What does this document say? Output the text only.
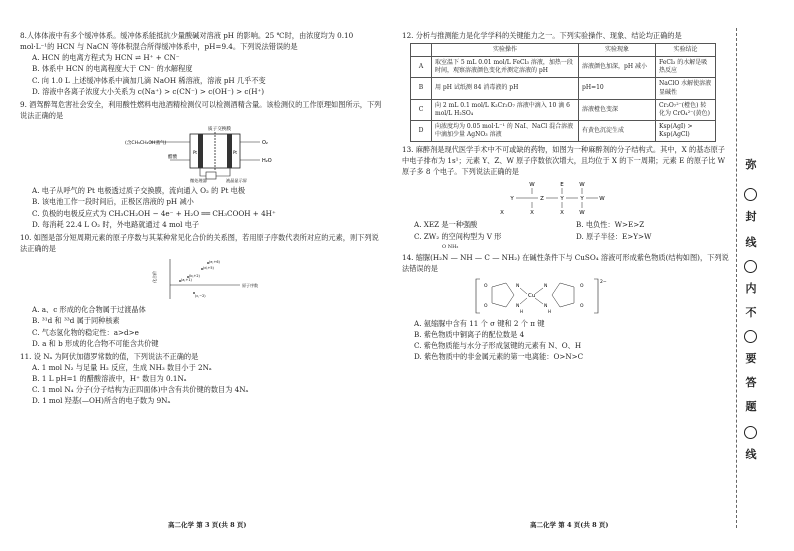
8.人体体液中有多个缓冲体系。缓冲体系能抵抗少量酸碱对溶液 pH 的影响。25 ℃时，由浓度均为 0.10 mol·L⁻¹的 HCN 与 NaCN 等体积混合所得缓冲体系中，pH=9.4。下列说法错误的是
A. HCN 的电离方程式为 HCN ⇌ H⁺ + CN⁻
B. 体系中 HCN 的电离程度大于 CN⁻ 的水解程度
C. 向 1.0 L 上述缓冲体系中滴加几滴 NaOH 稀溶液，溶液 pH 几乎不变
D. 溶液中各离子浓度大小关系为 c(Na⁺) > c(CN⁻) > c(OH⁻) > c(H⁺)
9. 酒驾醉驾危害社会安全，利用酸性燃料电池酒精检测仪可以检测酒精含量。该检测仪的工作原理如图所示，下列说法正确的是
(含CH₃CH₂OH蒸气)
醋酸
质子交换膜
O₂
H₂O
Pt	Pt
微处理器	液晶显示屏
A. 电子从呼气的 Pt 电极透过质子交换膜，流向通入 O₂ 的 Pt 电极
B. 该电池工作一段时间后，正极区溶液的 pH 减小
C. 负极的电极反应式为 CH₃CH₂OH − 4e⁻ + H₂O ══ CH₃COOH + 4H⁺
D. 每消耗 22.4 L O₂ 时，外电路就通过 4 mol 电子
10. 如图是部分短周期元素的原子序数与其某种常见化合价的关系图，若用原子序数代表所对应的元素，则下列说法正确的是
化合价
原子序数
(a,+1)
(b,+2)
(c,−2)
(d,+5)
(e,+6)
A. a、c 形成的化合物属于过渡晶体
B. ³¹d 和 ³³d 属于同种核素
C. 气态氢化物的稳定性：a>d>e
D. a 和 b 形成的化合物不可能含共价键
11. 设 Nₐ 为阿伏加德罗常数的值，下列说法不正确的是
A. 1 mol N₂ 与足量 H₂ 反应，生成 NH₃ 数目小于 2Nₐ
B. 1 L pH=1 的醋酸溶液中，H⁺ 数目为 0.1Nₐ
C. 1 mol N₄ 分子(分子结构为正四面体)中含有共价键的数目为 4Nₐ
D. 1 mol 羟基(—OH)所含的电子数为 9Nₐ
高二化学 第 3 页(共 8 页)
12. 分析与推测能力是化学学科的关键能力之一。下列实验操作、现象、结论均正确的是
	实验操作	实验现象	实验结论
A	取室温下 5 mL 0.01 mol/L FeCl₃ 溶液，加热一段时间，观察溶液颜色变化并测定溶液的 pH	溶液颜色加深，pH 减小	FeCl₃ 的水解是吸热反应
B	用 pH 试纸测 84 消毒液的 pH	pH=10	NaClO 水解使溶液显碱性
C	向 2 mL 0.1 mol/L K₂Cr₂O₇ 溶液中滴入 10 滴 6 mol/L H₂SO₄	溶液橙色变深	Cr₂O₇²⁻(橙色) 转化为 CrO₄²⁻(黄色)
D	向浓度均为 0.05 mol·L⁻¹ 的 NaI、NaCl 混合溶液中滴加少量 AgNO₃ 溶液	有黄色沉淀生成	Ksp(AgI) > Ksp(AgCl)
13. 麻醉剂是现代医学手术中不可或缺的药物，如图为一种麻醉剂的分子结构式。其中，X 的基态原子中电子排布为 1s¹；元素 Y、Z、W 原子序数依次增大，且均位于 X 的下一周期；元素 E 的原子比 W 原子多 8 个电子。下列说法正确的是
W	E	W
Y	Z	Y	Y	W
X	X	W
X
A. XEZ 是一种强酸	B. 电负性：W>E>Z
C. ZW₂ 的空间构型为 V 形	D. 原子半径：E>Y>W
O NH₂
14. 缩脲(H₂N — NH — C — NH₂) 在碱性条件下与 CuSO₄ 溶液可形成紫色物质(结构如图)，下列说法错误的是
2−
Cu
N
N
N
N
O
O
O
O
H	H
A. 氨缩脲中含有 11 个 σ 键和 2 个 π 键
B. 紫色物质中铜离子的配位数是 4
C. 紫色物质能与水分子形成氢键的元素有 N、O、H
D. 紫色物质中的非金属元素的第一电离能：O>N>C
高二化学 第 4 页(共 8 页)
弥
封
线
内
不
要
答
题
线
